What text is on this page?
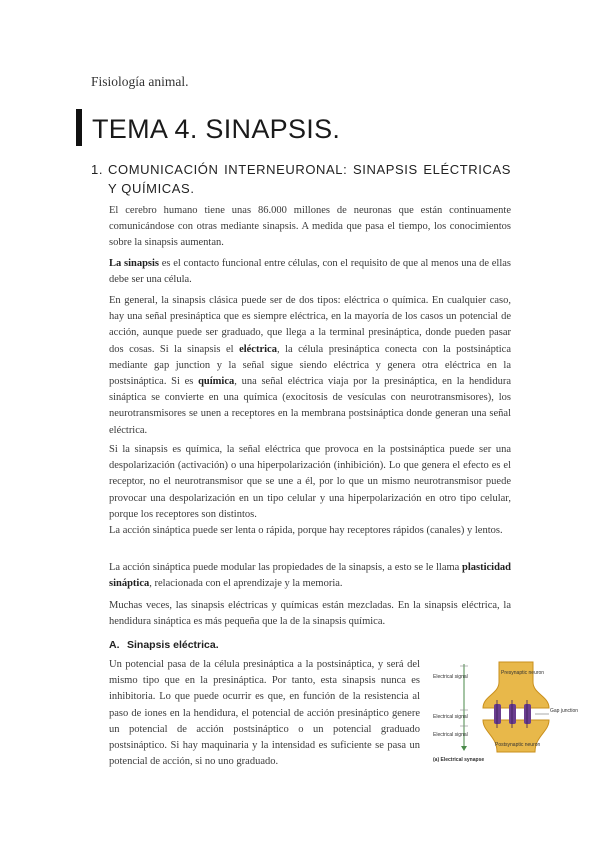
Fisiología animal.
TEMA 4. SINAPSIS.
1. COMUNICACIÓN INTERNEURONAL: SINAPSIS ELÉCTRICAS Y QUÍMICAS.

El cerebro humano tiene unas 86.000 millones de neuronas que están continuamente comunicándose con otras mediante sinapsis. A medida que pasa el tiempo, los conocimientos sobre la sinapsis aumentan.

La sinapsis es el contacto funcional entre células, con el requisito de que al menos una de ellas debe ser una célula.

En general, la sinapsis clásica puede ser de dos tipos: eléctrica o química. En cualquier caso, hay una señal presináptica que es siempre eléctrica, en la mayoría de los casos un potencial de acción, aunque puede ser graduado, que llega a la terminal presináptica, donde pueden pasar dos cosas. Si la sinapsis el eléctrica, la célula presináptica conecta con la postsináptica mediante gap junction y la señal sigue siendo eléctrica y genera otra eléctrica en la postsináptica. Si es química, una señal eléctrica viaja por la presináptica, en la hendidura sináptica se convierte en una química (exocitosis de vesículas con neurotransmisores), los neurotransmisores se unen a receptores en la membrana postsináptica donde generan una señal eléctrica.

Si la sinapsis es química, la señal eléctrica que provoca en la postsináptica puede ser una despolarización (activación) o una hiperpolarización (inhibición). Lo que genera el efecto es el receptor, no el neurotransmisor que se une a él, por lo que un mismo neurotransmisor puede provocar una despolarización en un tipo celular y una hiperpolarización en otro tipo celular, porque los receptores son distintos.

La acción sináptica puede ser lenta o rápida, porque hay receptores rápidos (canales) y lentos.

La acción sináptica puede modular las propiedades de la sinapsis, a esto se le llama plasticidad sináptica, relacionada con el aprendizaje y la memoria.

Muchas veces, las sinapsis eléctricas y químicas están mezcladas. En la sinapsis eléctrica, la hendidura sináptica es más pequeña que la de la sinapsis química.

A. Sinapsis eléctrica.

Un potencial pasa de la célula presináptica a la postsináptica, y será del mismo tipo que en la presináptica. Por tanto, esta sinapsis nunca es inhibitoria. Lo que puede ocurrir es que, en función de la resistencia al paso de iones en la hendidura, el potencial de acción presináptico genere un potencial de acción postsináptico o un potencial graduado postsináptico. Si hay maquinaria y la intensidad es suficiente se pasa un potencial de acción, si no uno graduado.

Electrical signal
Electrical signal
Electrical signal
Presynaptic neuron
Postsynaptic neuron
Gap junction
(a) Electrical synapse
